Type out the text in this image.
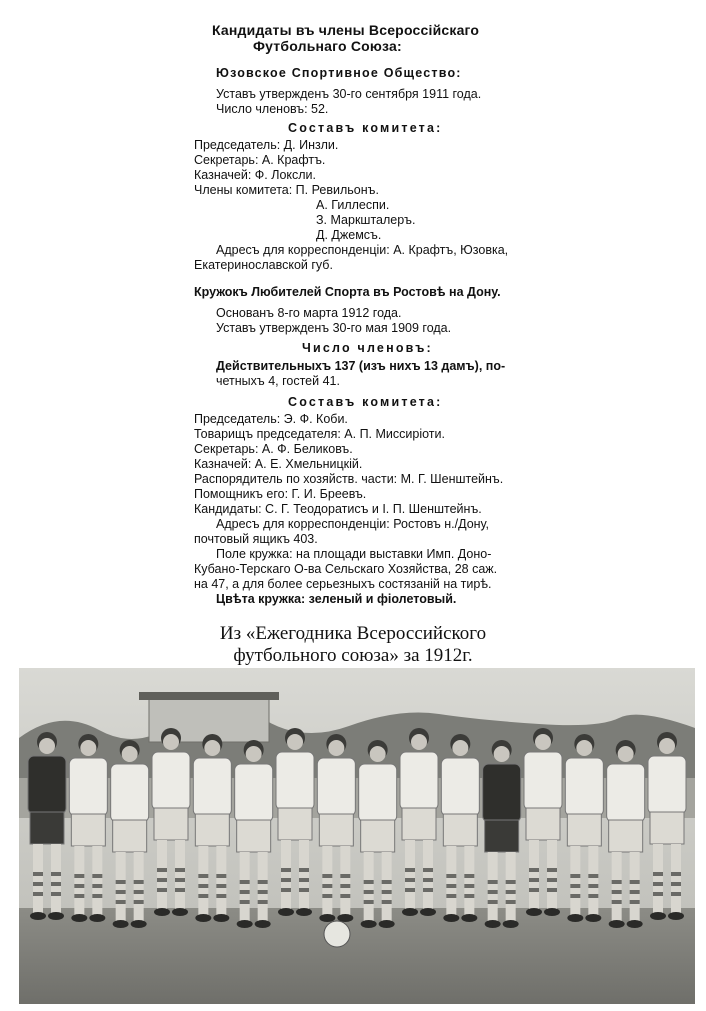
Кандидаты въ члены Всероссійскаго
Футбольнаго Союза:
Юзовское Спортивное Общество:
Уставъ утвержденъ 30-го сентября 1911 года.
Число членовъ: 52.
Составъ комитета:
Председатель: Д. Инзли.
Секретарь: А. Крафтъ.
Казначей: Ф. Локсли.
Члены комитета: П. Ревильонъ.
А. Гиллеспи.
З. Маркшталеръ.
Д. Джемсъ.
Адресъ для корреспонденціи: А. Крафтъ, Юзовка,
Екатеринославской губ.
Кружокъ Любителей Спорта въ Ростовѣ на Дону.
Основанъ 8-го марта 1912 года.
Уставъ утвержденъ 30-го мая 1909 года.
Число членовъ:
Действительныхъ 137 (изъ нихъ 13 дамъ), по-
четныхъ 4, гостей 41.
Составъ комитета:
Председатель: Э. Ф. Коби.
Товарищъ председателя: А. П. Миссиріоти.
Секретарь: А. Ф. Беликовъ.
Казначей: А. Е. Хмельницкій.
Распорядитель по хозяйств. части: М. Г. Шенштейнъ.
Помощникъ его: Г. И. Бреевъ.
Кандидаты: С. Г. Теодоратисъ и І. П. Шенштейнъ.
Адресъ для корреспонденціи: Ростовъ н./Дону,
почтовый ящикъ 403.
Поле кружка: на площади выставки Имп. Доно-
Кубано-Терскаго О-ва Сельскаго Хозяйства, 28 саж.
на 47, а для более серьезныхъ состязаній на тирѣ.
Цвѣта кружка: зеленый и фіолетовый.
Из «Ежегодника Всероссийского
футбольного союза» за 1912г.
